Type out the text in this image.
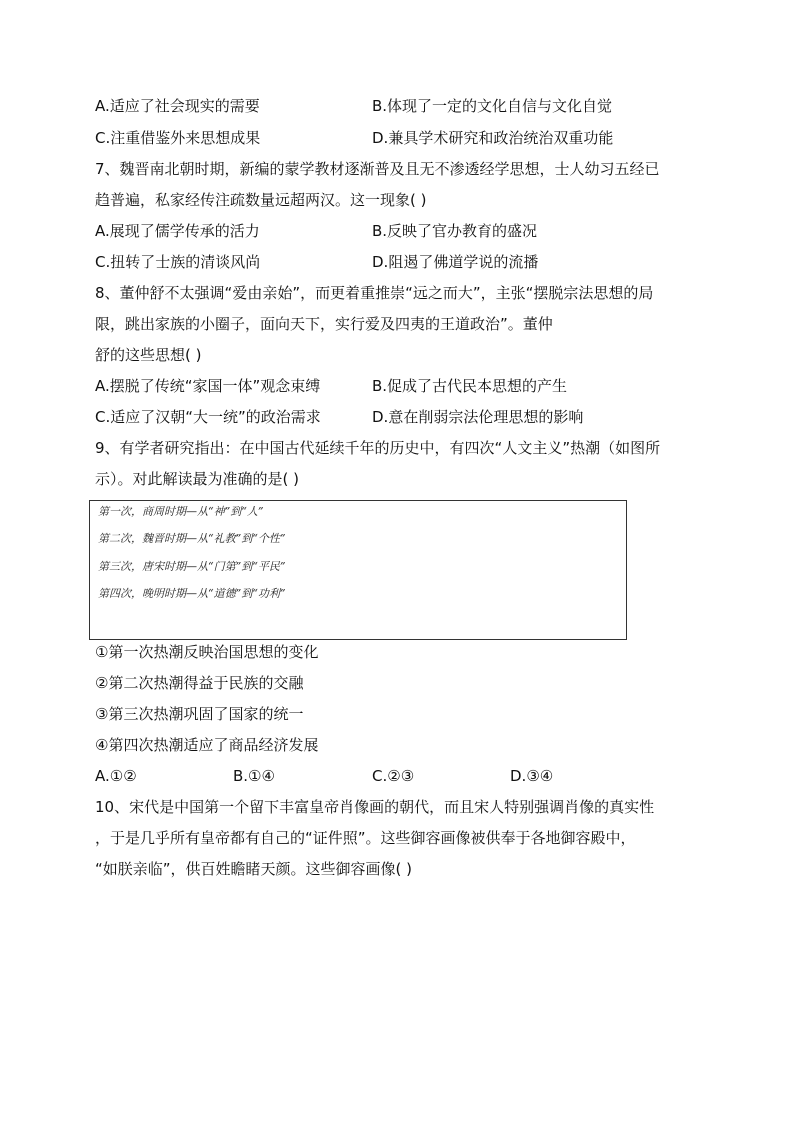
A.适应了社会现实的需要	B.体现了一定的文化自信与文化自觉
C.注重借鉴外来思想成果	D.兼具学术研究和政治统治双重功能
7、魏晋南北朝时期，新编的蒙学教材逐渐普及且无不渗透经学思想，士人幼习五经已
趋普遍，私家经传注疏数量远超两汉。这一现象( )
A.展现了儒学传承的活力	B.反映了官办教育的盛况
C.扭转了士族的清谈风尚	D.阻遏了佛道学说的流播
8、董仲舒不太强调“爱由亲始”，而更着重推崇“远之而大”，主张“摆脱宗法思想的局
限，跳出家族的小圈子，面向天下，实行爱及四夷的王道政治”。董仲
舒的这些思想( )
A.摆脱了传统“家国一体”观念束缚	B.促成了古代民本思想的产生
C.适应了汉朝“大一统”的政治需求	D.意在削弱宗法伦理思想的影响
9、有学者研究指出：在中国古代延续千年的历史中，有四次“人文主义”热潮（如图所
示）。对此解读最为准确的是( )
第一次，商周时期—从“神”到“人”
第二次，魏晋时期—从“礼教”到“个性”
第三次，唐宋时期—从“门第”到“平民”
第四次，晚明时期—从“道德”到“功利”
①第一次热潮反映治国思想的变化
②第二次热潮得益于民族的交融
③第三次热潮巩固了国家的统一
④第四次热潮适应了商品经济发展
A.①②	B.①④	C.②③	D.③④
10、宋代是中国第一个留下丰富皇帝肖像画的朝代，而且宋人特别强调肖像的真实性
，于是几乎所有皇帝都有自己的“证件照”。这些御容画像被供奉于各地御容殿中，
“如朕亲临”，供百姓瞻睹天颜。这些御容画像( )
